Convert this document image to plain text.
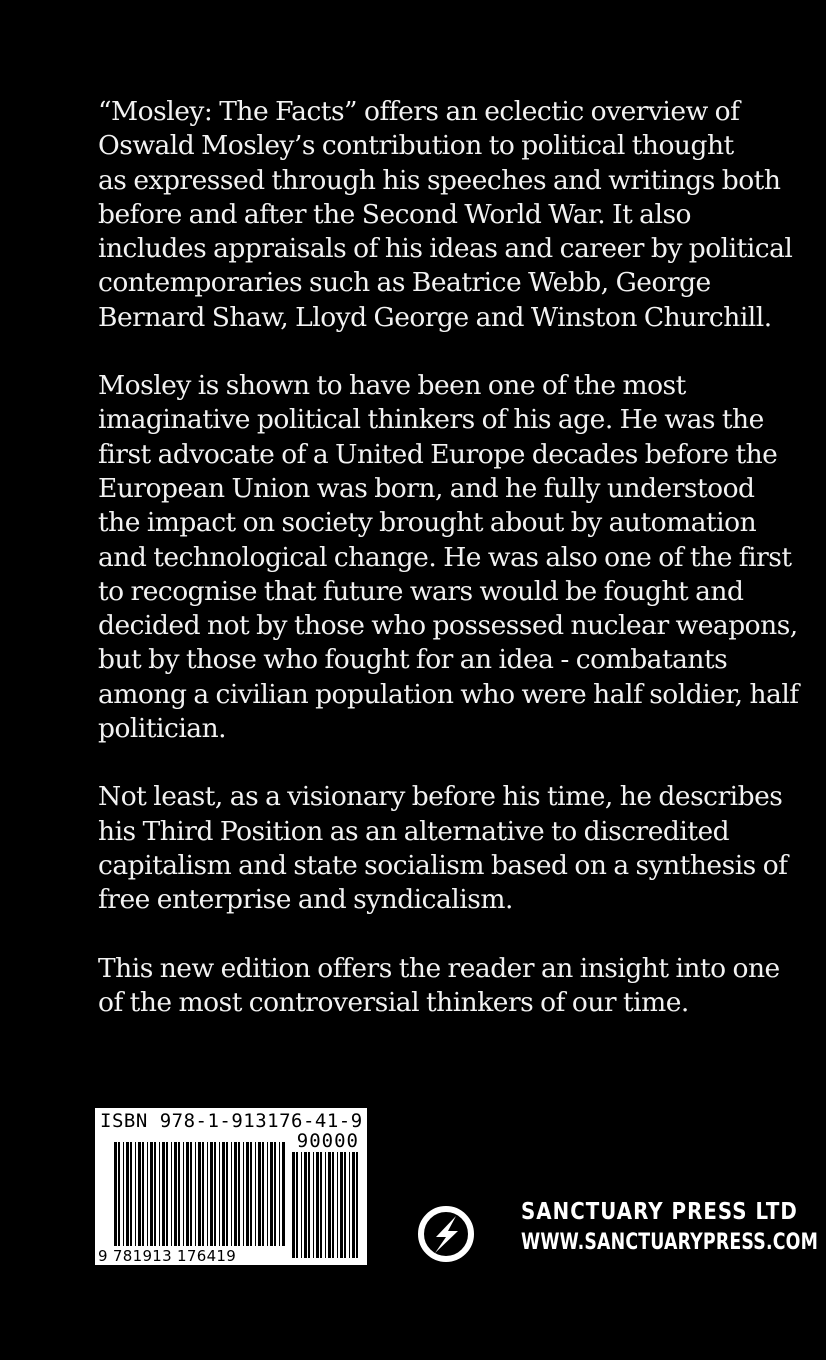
“Mosley: The Facts” offers an eclectic overview of
Oswald Mosley’s contribution to political thought
as expressed through his speeches and writings both
before and after the Second World War. It also
includes appraisals of his ideas and career by political
contemporaries such as Beatrice Webb, George
Bernard Shaw, Lloyd George and Winston Churchill.

Mosley is shown to have been one of the most
imaginative political thinkers of his age. He was the
first advocate of a United Europe decades before the
European Union was born, and he fully understood
the impact on society brought about by automation
and technological change. He was also one of the first
to recognise that future wars would be fought and
decided not by those who possessed nuclear weapons,
but by those who fought for an idea - combatants
among a civilian population who were half soldier, half
politician.

Not least, as a visionary before his time, he describes
his Third Position as an alternative to discredited
capitalism and state socialism based on a synthesis of
free enterprise and syndicalism.

This new edition offers the reader an insight into one
of the most controversial thinkers of our time.

ISBN 978-1-913176-41-9
90000
9 781913 176419
SANCTUARY PRESS LTD
WWW.SANCTUARYPRESS.COM
